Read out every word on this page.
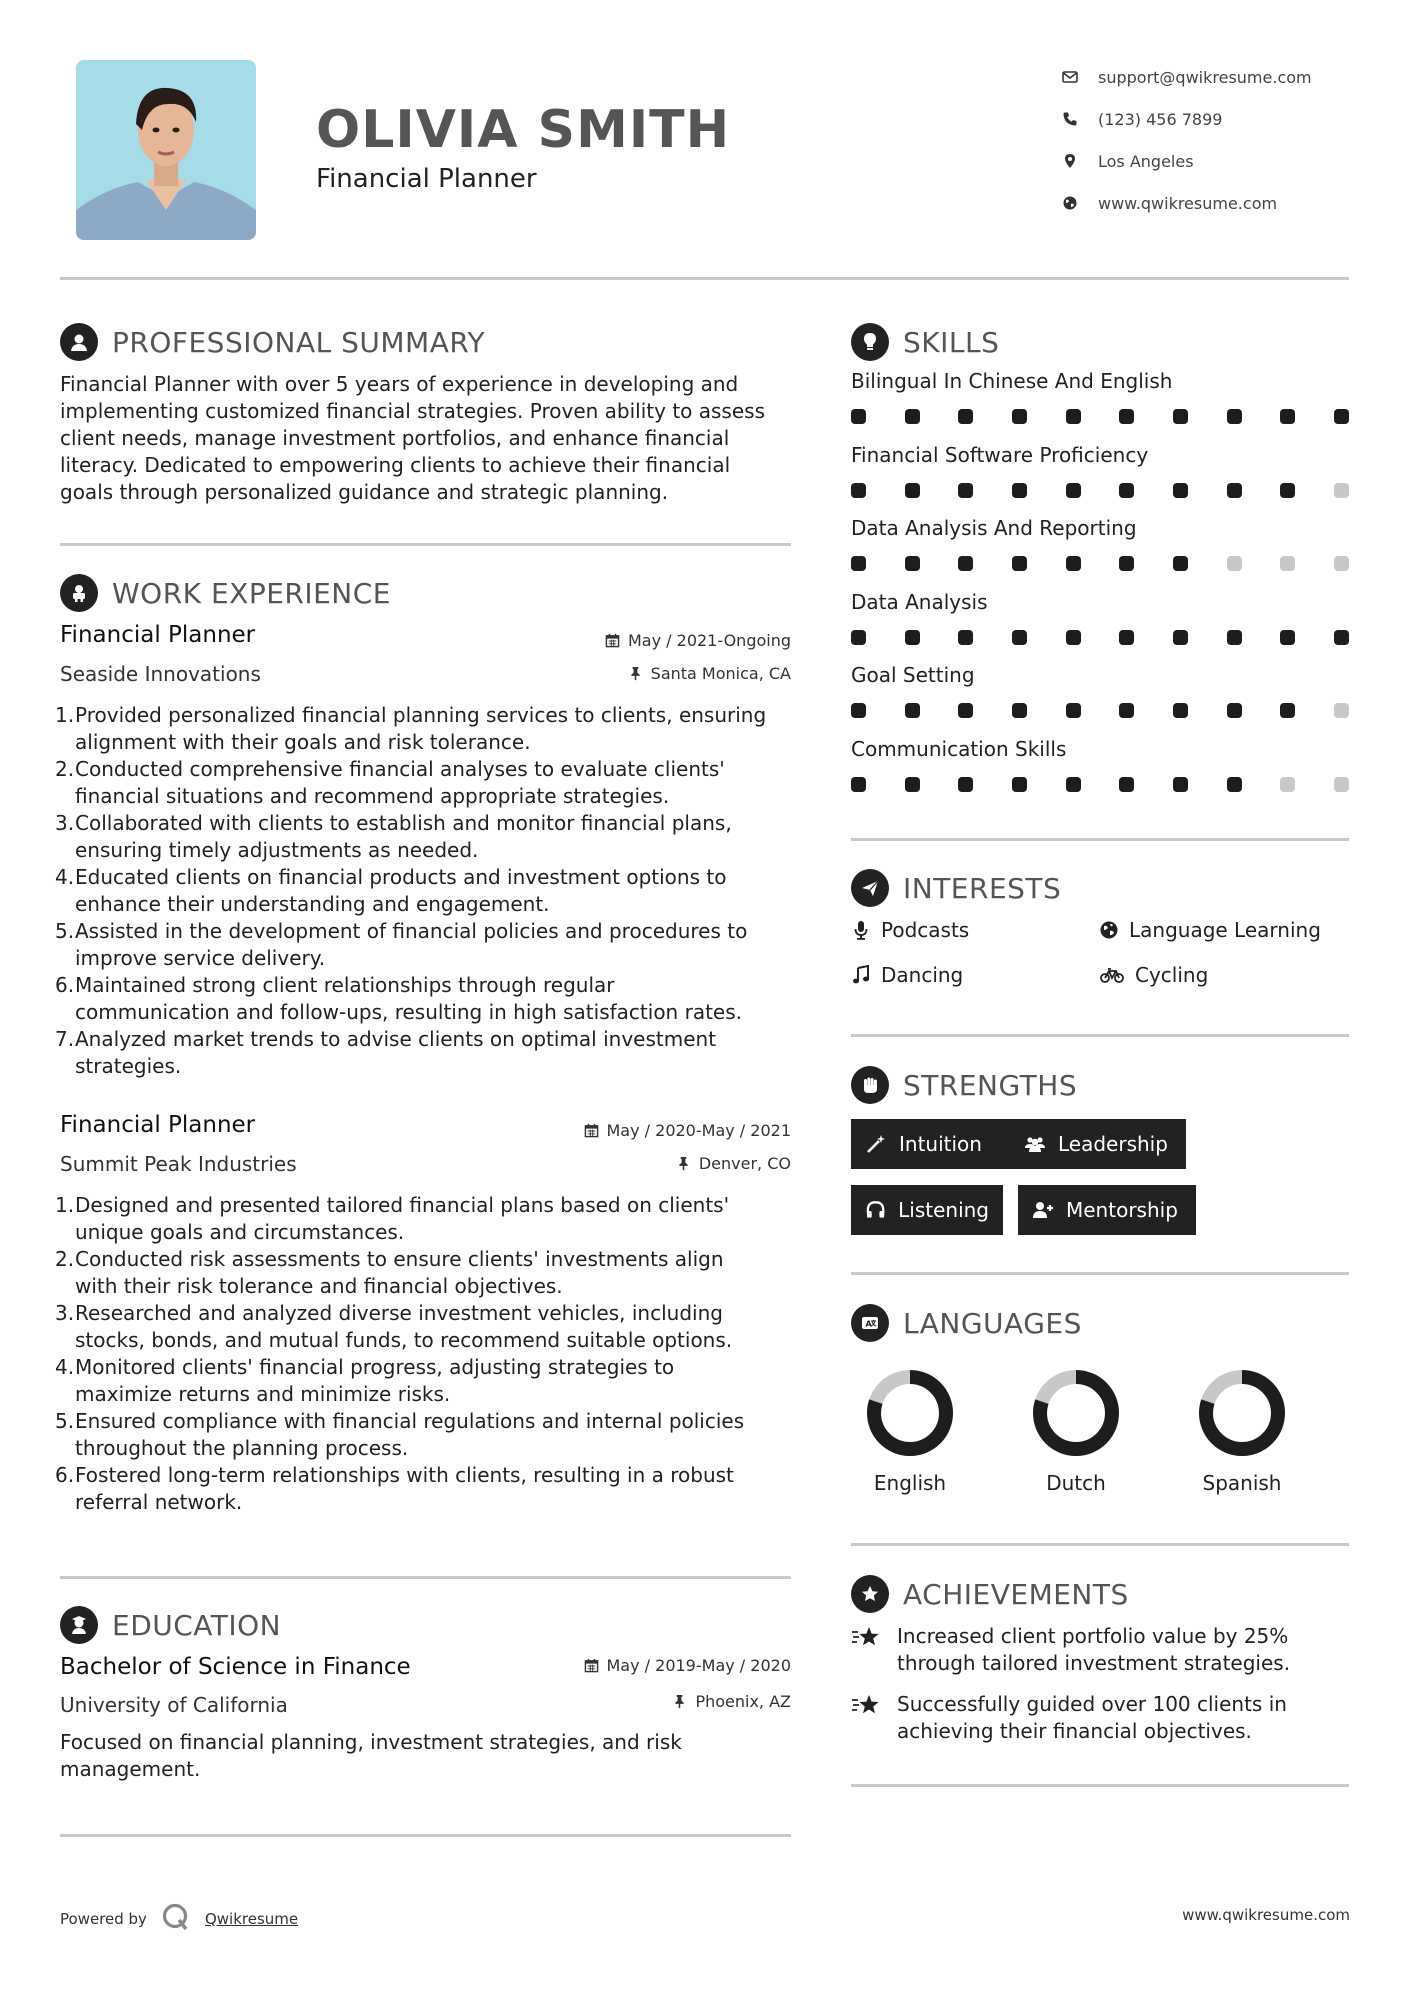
OLIVIA SMITH
Financial Planner
support@qwikresume.com
(123) 456 7899
Los Angeles
www.qwikresume.com
PROFESSIONAL SUMMARY
Financial Planner with over 5 years of experience in developing and
implementing customized financial strategies. Proven ability to assess
client needs, manage investment portfolios, and enhance financial
literacy. Dedicated to empowering clients to achieve their financial
goals through personalized guidance and strategic planning.
WORK EXPERIENCE
Financial Planner	May / 2021-Ongoing
Seaside Innovations	Santa Monica, CA
1. Provided personalized financial planning services to clients, ensuring
alignment with their goals and risk tolerance.
2. Conducted comprehensive financial analyses to evaluate clients'
financial situations and recommend appropriate strategies.
3. Collaborated with clients to establish and monitor financial plans,
ensuring timely adjustments as needed.
4. Educated clients on financial products and investment options to
enhance their understanding and engagement.
5. Assisted in the development of financial policies and procedures to
improve service delivery.
6. Maintained strong client relationships through regular
communication and follow-ups, resulting in high satisfaction rates.
7. Analyzed market trends to advise clients on optimal investment
strategies.
Financial Planner	May / 2020-May / 2021
Summit Peak Industries	Denver, CO
1. Designed and presented tailored financial plans based on clients'
unique goals and circumstances.
2. Conducted risk assessments to ensure clients' investments align
with their risk tolerance and financial objectives.
3. Researched and analyzed diverse investment vehicles, including
stocks, bonds, and mutual funds, to recommend suitable options.
4. Monitored clients' financial progress, adjusting strategies to
maximize returns and minimize risks.
5. Ensured compliance with financial regulations and internal policies
throughout the planning process.
6. Fostered long-term relationships with clients, resulting in a robust
referral network.
EDUCATION
Bachelor of Science in Finance	May / 2019-May / 2020
University of California	Phoenix, AZ
Focused on financial planning, investment strategies, and risk
management.
SKILLS
Bilingual In Chinese And English
Financial Software Proficiency
Data Analysis And Reporting
Data Analysis
Goal Setting
Communication Skills
INTERESTS
Podcasts	Language Learning
Dancing	Cycling
STRENGTHS
Intuition	Leadership
Listening	Mentorship
A LANGUAGES
English	Dutch	Spanish
ACHIEVEMENTS
Increased client portfolio value by 25%
through tailored investment strategies.
Successfully guided over 100 clients in
achieving their financial objectives.
Powered by	Qwikresume	www.qwikresume.com
